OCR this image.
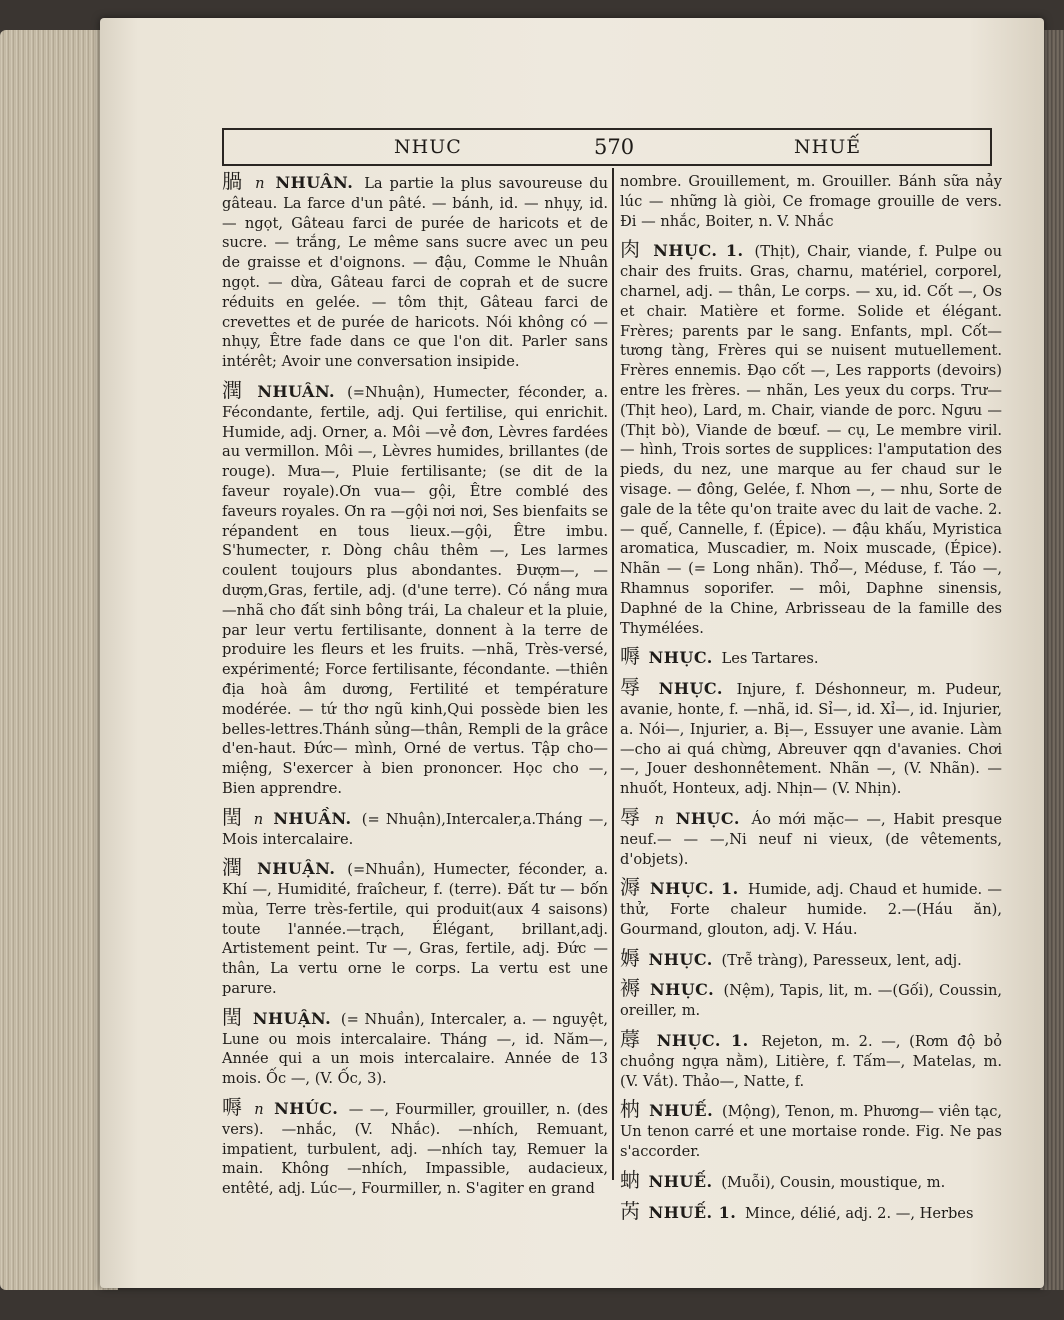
NHUC	570	NHUẾ

腡 n NHUÂN. La partie la plus savoureuse du gâteau. La farce d'un pâté. — bánh, id. — nhụy, id. — ngọt, Gâteau farci de purée de haricots et de sucre. — trắng, Le même sans sucre avec un peu de graisse et d'oignons. — đậu, Comme le Nhuân ngọt. — dừa, Gâteau farci de coprah et de sucre réduits en gelée. — tôm thịt, Gâteau farci de crevettes et de purée de haricots. Nói không có — nhụy, Être fade dans ce que l'on dit. Parler sans intérêt; Avoir une conversation insipide.

潤 NHUÂN. (=Nhuận), Humecter, féconder, a. Fécondante, fertile, adj. Qui fertilise, qui enrichit. Humide, adj. Orner, a. Môi —vẻ đơn, Lèvres fardées au vermillon. Môi —, Lèvres humides, brillantes (de rouge). Mưa—, Pluie fertilisante; (se dit de la faveur royale).Ơn vua— gội, Être comblé des faveurs royales. Ơn ra —gội nơi nơi, Ses bienfaits se répandent en tous lieux.—gội, Être imbu. S'humecter, r. Dòng châu thêm —, Les larmes coulent toujours plus abondantes. Đượm—, —dượm,Gras, fertile, adj. (d'une terre). Có nắng mưa—nhã cho đất sinh bông trái, La chaleur et la pluie, par leur vertu fertilisante, donnent à la terre de produire les fleurs et les fruits. —nhã, Très-versé, expérimenté; Force fertilisante, fécondante. —thiên địa hoà âm dương, Fertilité et température modérée. — tứ thơ ngũ kinh,Qui possède bien les belles-lettres.Thánh sủng—thân, Rempli de la grâce d'en-haut. Đức— mình, Orné de vertus. Tập cho—miệng, S'exercer à bien prononcer. Học cho —, Bien apprendre.

閏 n NHUẦN. (= Nhuận),Intercaler,a.Tháng —, Mois intercalaire.

潤 NHUẬN. (=Nhuần), Humecter, féconder, a. Khí —, Humidité, fraîcheur, f. (terre). Đất tư — bốn mùa, Terre très-fertile, qui produit(aux 4 saisons) toute l'année.—trạch, Élégant, brillant,adj. Artistement peint. Tư —, Gras, fertile, adj. Đức — thân, La vertu orne le corps. La vertu est une parure.

閏 NHUẬN. (= Nhuần), Intercaler, a. — nguyệt, Lune ou mois intercalaire. Tháng —, id. Năm—, Année qui a un mois intercalaire. Année de 13 mois. Ốc —, (V. Ốc, 3).

嗕 n NHÚC. — —, Fourmiller, grouiller, n. (des vers). —nhắc, (V. Nhắc). —nhích, Remuant, impatient, turbulent, adj. —nhích tay, Remuer la main. Không —nhích, Impassible, audacieux, entêté, adj. Lúc—, Fourmiller, n. S'agiter en grand

nombre. Grouillement, m. Grouiller. Bánh sữa nảy lúc — những là giòi, Ce fromage grouille de vers. Đi — nhắc, Boiter, n. V. Nhắc

肉 NHỤC. 1. (Thịt), Chair, viande, f. Pulpe ou chair des fruits. Gras, charnu, matériel, corporel, charnel, adj. — thân, Le corps. — xu, id. Cốt —, Os et chair. Matière et forme. Solide et élégant. Frères; parents par le sang. Enfants, mpl. Cốt— tương tàng, Frères qui se nuisent mutuellement. Frères ennemis. Đạo cốt —, Les rapports (devoirs) entre les frères. — nhãn, Les yeux du corps. Trư— (Thịt heo), Lard, m. Chair, viande de porc. Ngưu — (Thịt bò), Viande de bœuf. — cụ, Le membre viril. — hình, Trois sortes de supplices: l'amputation des pieds, du nez, une marque au fer chaud sur le visage. — đông, Gelée, f. Nhơn —, — nhu, Sorte de gale de la tête qu'on traite avec du lait de vache. 2. — quế, Cannelle, f. (Épice). — đậu khấu, Myristica aromatica, Muscadier, m. Noix muscade, (Épice). Nhãn — (= Long nhãn). Thổ—, Méduse, f. Táo —, Rhamnus soporifer. — môi, Daphne sinensis, Daphné de la Chine, Arbrisseau de la famille des Thymélées.

嗕 NHỤC. Les Tartares.

辱 NHỤC. Injure, f. Déshonneur, m. Pudeur, avanie, honte, f. —nhã, id. Sỉ—, id. Xỉ—, id. Injurier, a. Nói—, Injurier, a. Bị—, Essuyer une avanie. Làm —cho ai quá chừng, Abreuver qqn d'avanies. Chơi —, Jouer deshonnêtement. Nhãn —, (V. Nhãn). — nhuốt, Honteux, adj. Nhịn— (V. Nhịn).

辱 n NHỤC. Áo mới mặc— —, Habit presque neuf.— — —,Ni neuf ni vieux, (de vêtements, d'objets).

溽 NHỤC. 1. Humide, adj. Chaud et humide. —thử, Forte chaleur humide. 2.—(Háu ăn), Gourmand, glouton, adj. V. Háu.

媷 NHỤC. (Trễ tràng), Paresseux, lent, adj.

褥 NHỤC. (Nệm), Tapis, lit, m. —(Gối), Coussin, oreiller, m.

蓐 NHỤC. 1. Rejeton, m. 2. —, (Rơm độ bỏ chuồng ngựa nằm), Litière, f. Tấm—, Matelas, m. (V. Vắt). Thảo—, Natte, f.

枘 NHUẾ. (Mộng), Tenon, m. Phương— viên tạc, Un tenon carré et une mortaise ronde. Fig. Ne pas s'accorder.

蚋 NHUẾ. (Muỗi), Cousin, moustique, m.

芮 NHUẾ. 1. Mince, délié, adj. 2. —, Herbes
